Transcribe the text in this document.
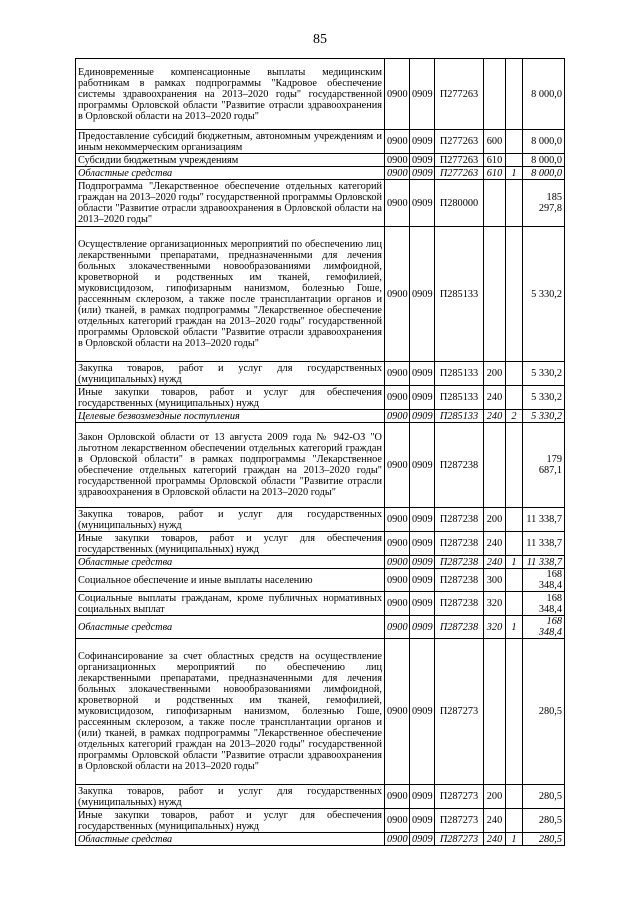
85
Единовременные компенсационные выплаты медицинским работникам в рамках подпрограммы "Кадровое обеспечение системы здравоохранения на 2013–2020 годы" государственной программы Орловской области "Развитие отрасли здравоохранения в Орловской области на 2013–2020 годы"	0900	0909	П277263			8 000,0
Предоставление субсидий бюджетным, автономным учреждениям и иным некоммерческим организациям	0900	0909	П277263	600		8 000,0
Субсидии бюджетным учреждениям	0900	0909	П277263	610		8 000,0
Областные средства	0900	0909	П277263	610	1	8 000,0
Подпрограмма "Лекарственное обеспечение отдельных категорий граждан на 2013–2020 годы" государственной программы Орловской области "Развитие отрасли здравоохранения в Орловской области на 2013–2020 годы"	0900	0909	П280000			185 297,8
Осуществление организационных мероприятий по обеспечению лиц лекарственными препаратами, предназначенными для лечения больных злокачественными новообразованиями лимфоидной, кроветворной и родственных им тканей, гемофилией, муковисцидозом, гипофизарным нанизмом, болезнью Гоше, рассеянным склерозом, а также после трансплантации органов и (или) тканей, в рамках подпрограммы "Лекарственное обеспечение отдельных категорий граждан на 2013–2020 годы" государственной программы Орловской области "Развитие отрасли здравоохранения в Орловской области на 2013–2020 годы"	0900	0909	П285133			5 330,2
Закупка товаров, работ и услуг для государственных (муниципальных) нужд	0900	0909	П285133	200		5 330,2
Иные закупки товаров, работ и услуг для обеспечения государственных (муниципальных) нужд	0900	0909	П285133	240		5 330,2
Целевые безвозмездные поступления	0900	0909	П285133	240	2	5 330,2
Закон Орловской области от 13 августа 2009 года № 942-ОЗ "О льготном лекарственном обеспечении отдельных категорий граждан в Орловской области" в рамках подпрограммы "Лекарственное обеспечение отдельных категорий граждан на 2013–2020 годы" государственной программы Орловской области "Развитие отрасли здравоохранения в Орловской области на 2013–2020 годы"	0900	0909	П287238			179 687,1
Закупка товаров, работ и услуг для государственных (муниципальных) нужд	0900	0909	П287238	200		11 338,7
Иные закупки товаров, работ и услуг для обеспечения государственных (муниципальных) нужд	0900	0909	П287238	240		11 338,7
Областные средства	0900	0909	П287238	240	1	11 338,7
Социальное обеспечение и иные выплаты населению	0900	0909	П287238	300		168 348,4
Социальные выплаты гражданам, кроме публичных нормативных социальных выплат	0900	0909	П287238	320		168 348,4
Областные средства	0900	0909	П287238	320	1	168 348,4
Софинансирование за счет областных средств на осуществление организационных мероприятий по обеспечению лиц лекарственными препаратами, предназначенными для лечения больных злокачественными новообразованиями лимфоидной, кроветворной и родственных им тканей, гемофилией, муковисцидозом, гипофизарным нанизмом, болезнью Гоше, рассеянным склерозом, а также после трансплантации органов и (или) тканей, в рамках подпрограммы "Лекарственное обеспечение отдельных категорий граждан на 2013–2020 годы" государственной программы Орловской области "Развитие отрасли здравоохранения в Орловской области на 2013–2020 годы"	0900	0909	П287273			280,5
Закупка товаров, работ и услуг для государственных (муниципальных) нужд	0900	0909	П287273	200		280,5
Иные закупки товаров, работ и услуг для обеспечения государственных (муниципальных) нужд	0900	0909	П287273	240		280,5
Областные средства	0900	0909	П287273	240	1	280,5
